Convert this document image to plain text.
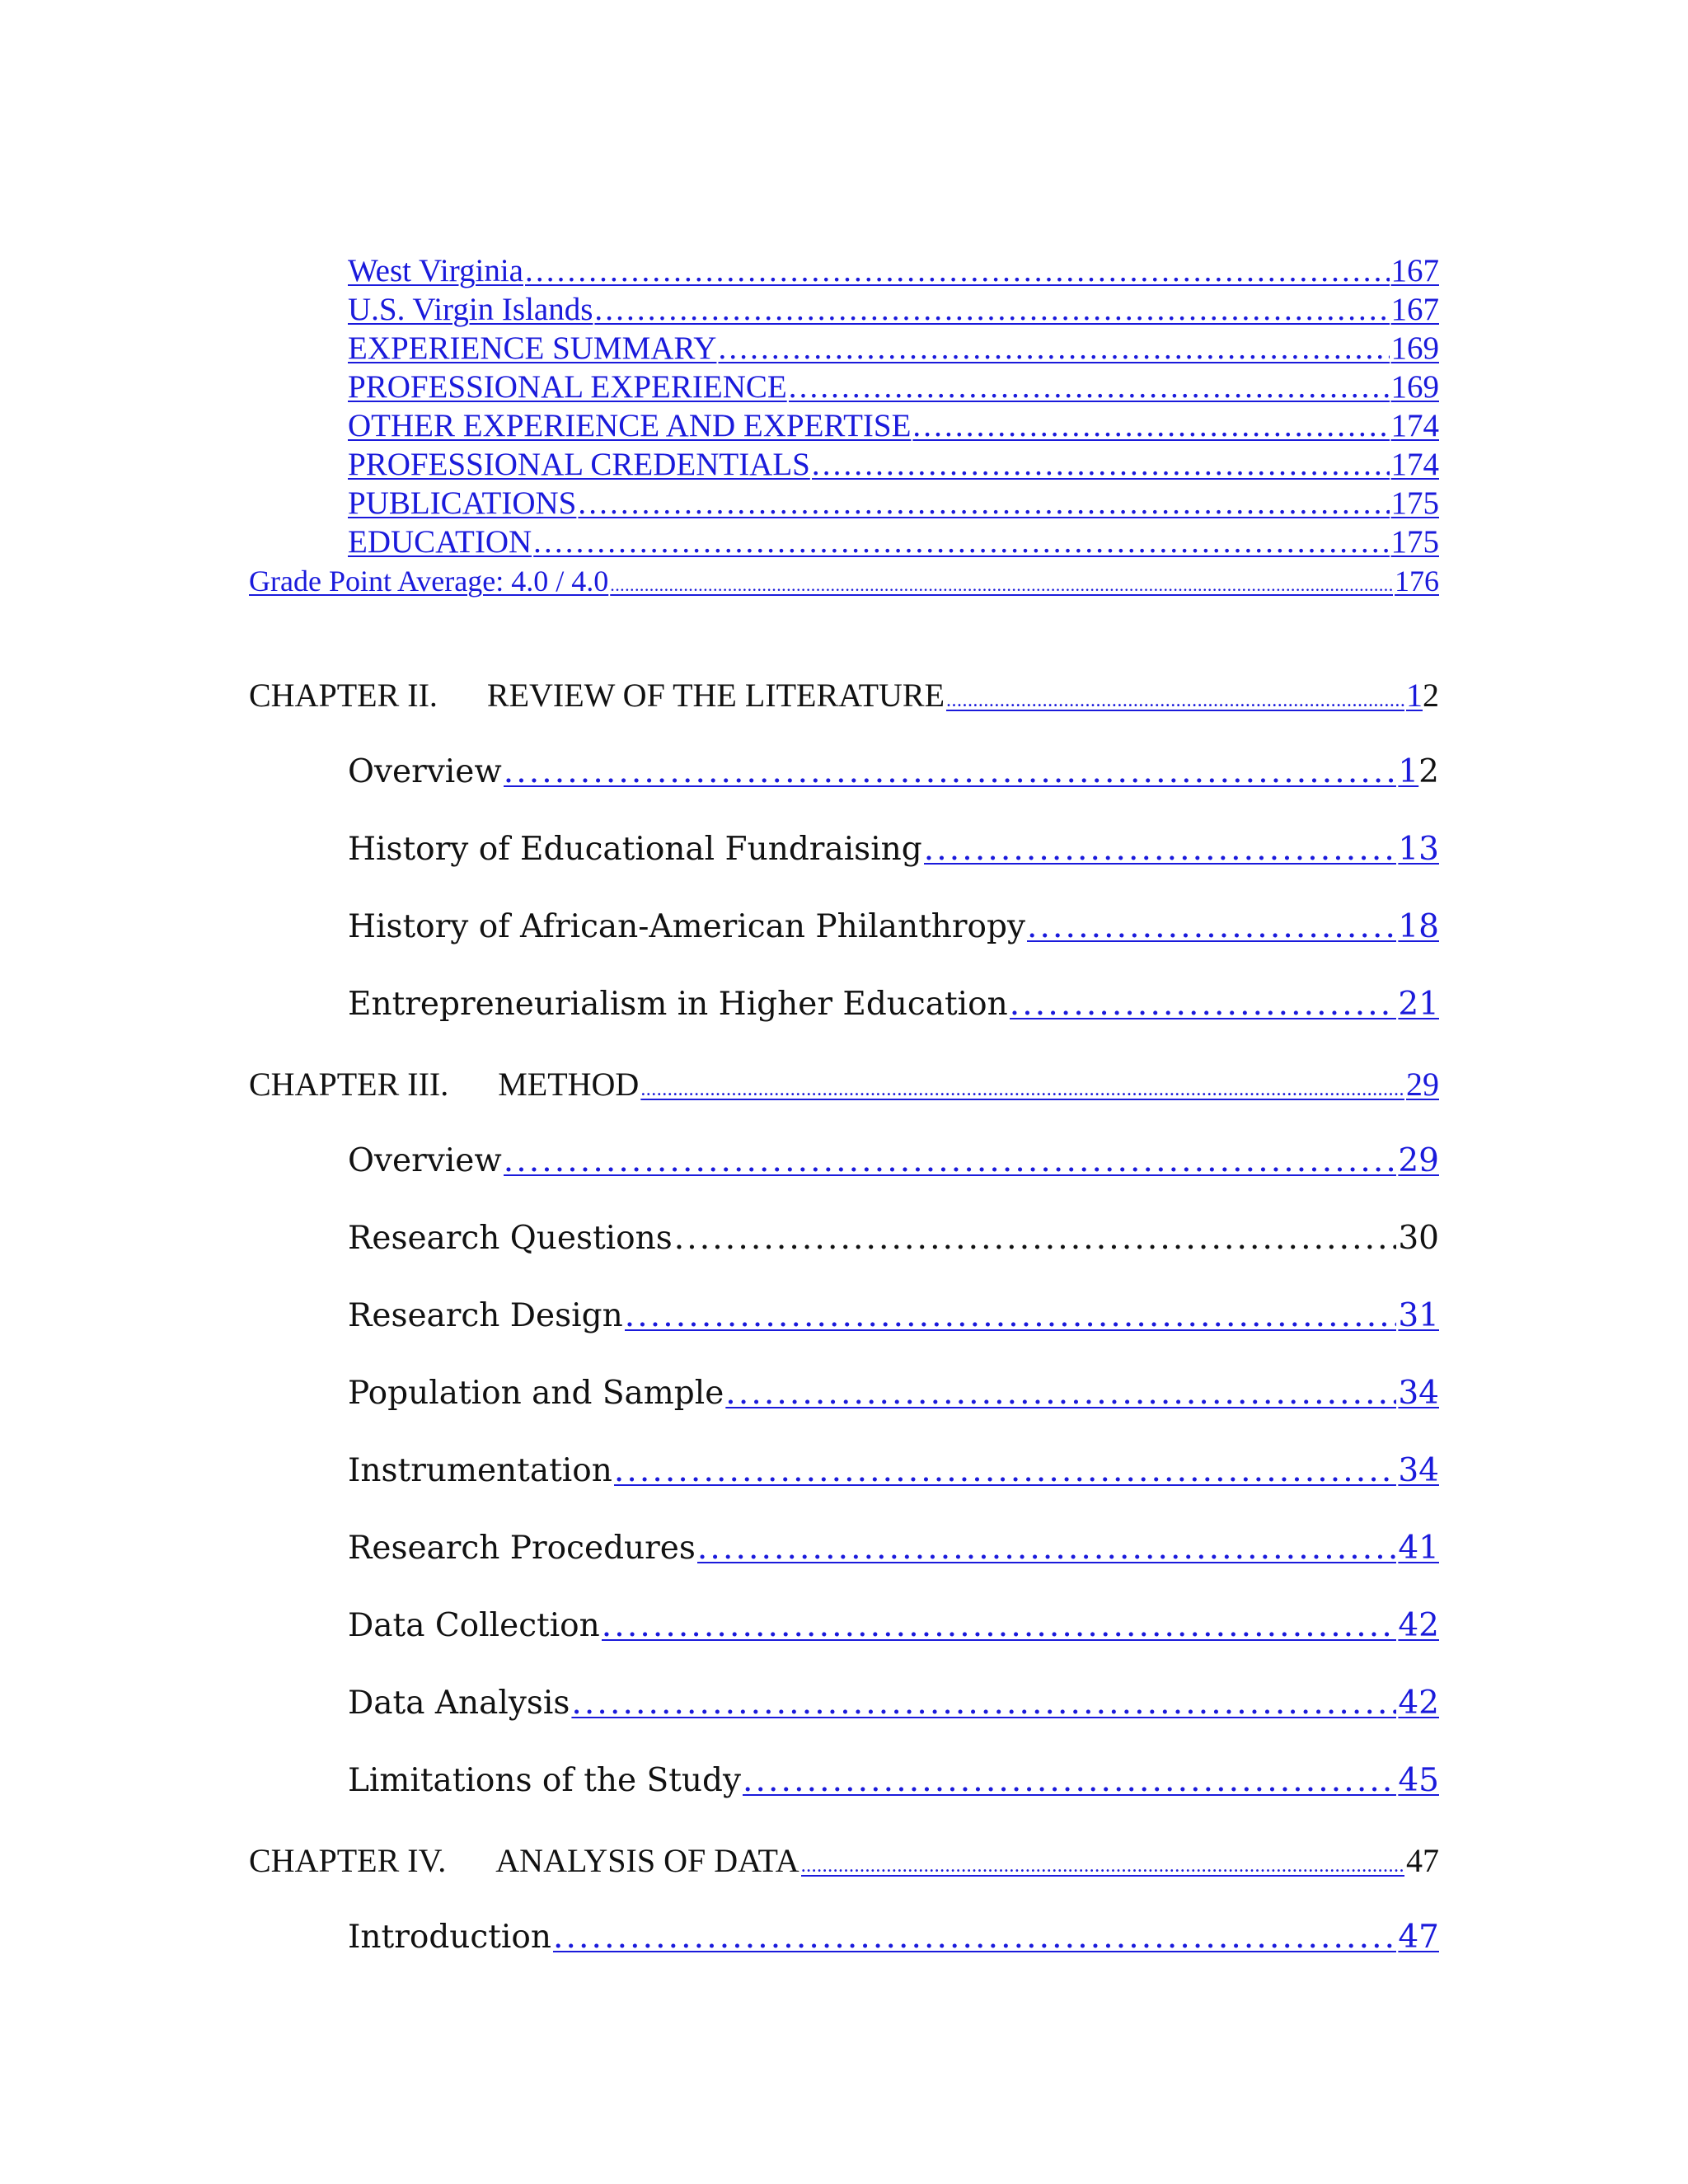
West Virginia .....	167
U.S. Virgin Islands .....	167
EXPERIENCE SUMMARY .....	169
PROFESSIONAL EXPERIENCE .....	169
OTHER EXPERIENCE AND EXPERTISE .....	174
PROFESSIONAL CREDENTIALS .....	174
PUBLICATIONS .....	175
EDUCATION .....	175
Grade Point Average: 4.0 / 4.0 .....	176
CHAPTER II. REVIEW OF THE LITERATURE .....	12
Overview .....	12
History of Educational Fundraising .....	13
History of African-American Philanthropy .....	18
Entrepreneurialism in Higher Education .....	21
CHAPTER III. METHOD .....	29
Overview .....	29
Research Questions .....	30
Research Design .....	31
Population and Sample .....	34
Instrumentation .....	34
Research Procedures .....	41
Data Collection .....	42
Data Analysis .....	42
Limitations of the Study .....	45
CHAPTER IV. ANALYSIS OF DATA .....	47
Introduction .....	47
